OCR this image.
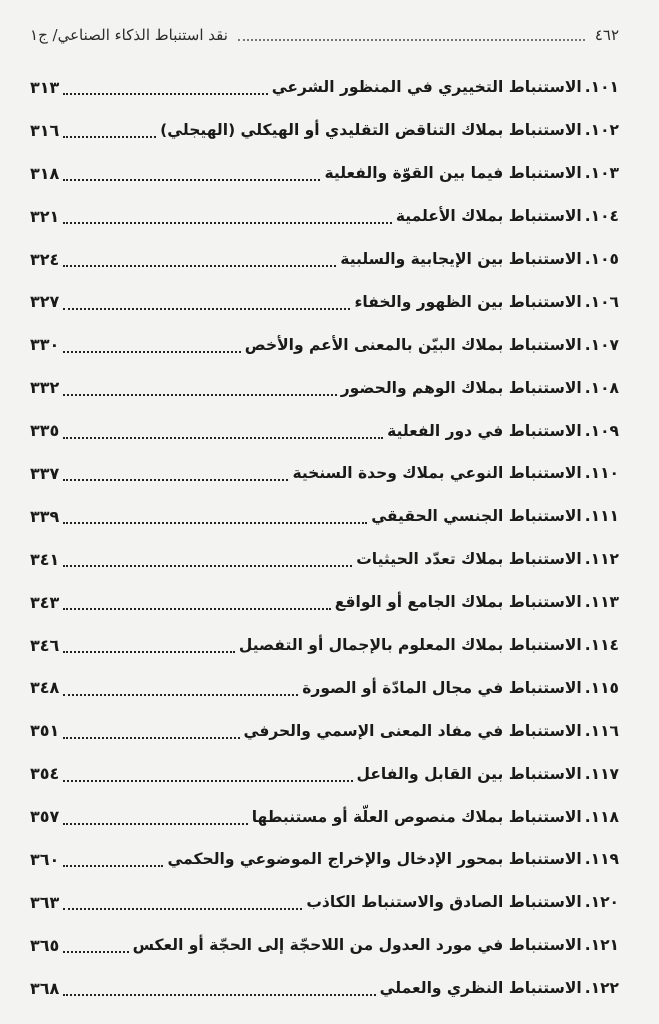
٤٦٢
نقد استنباط الذكاء الصناعي/ ج١
١٠١
.
الاستنباط التخييري في المنظور الشرعي
٣١٣
١٠٢
.
الاستنباط بملاك التناقض التقليدي أو الهيكلي (الهيجلي)
٣١٦
١٠٣
.
الاستنباط فيما بين القوّة والفعلية
٣١٨
١٠٤
.
الاستنباط بملاك الأعلمية
٣٢١
١٠٥
.
الاستنباط بين الإيجابية والسلبية
٣٢٤
١٠٦
.
الاستنباط بين الظهور والخفاء
٣٢٧
١٠٧
.
الاستنباط بملاك البيّن بالمعنى الأعم والأخص
٣٣٠
١٠٨
.
الاستنباط بملاك الوهم والحضور
٣٣٢
١٠٩
.
الاستنباط في دور الفعلية
٣٣٥
١١٠
.
الاستنباط النوعي بملاك وحدة السنخية
٣٣٧
١١١
.
الاستنباط الجنسي الحقيقي
٣٣٩
١١٢
.
الاستنباط بملاك تعدّد الحيثيات
٣٤١
١١٣
.
الاستنباط بملاك الجامع أو الواقع
٣٤٣
١١٤
.
الاستنباط بملاك المعلوم بالإجمال أو التفصيل
٣٤٦
١١٥
.
الاستنباط في مجال المادّة أو الصورة
٣٤٨
١١٦
.
الاستنباط في مفاد المعنى الإسمي والحرفي
٣٥١
١١٧
.
الاستنباط بين القابل والفاعل
٣٥٤
١١٨
.
الاستنباط بملاك منصوص العلّة أو مستنبطها
٣٥٧
١١٩
.
الاستنباط بمحور الإدخال والإخراج الموضوعي والحكمي
٣٦٠
١٢٠
.
الاستنباط الصادق والاستنباط الكاذب
٣٦٣
١٢١
.
الاستنباط في مورد العدول من اللاحجّة إلى الحجّة أو العكس
٣٦٥
١٢٢
.
الاستنباط النظري والعملي
٣٦٨
